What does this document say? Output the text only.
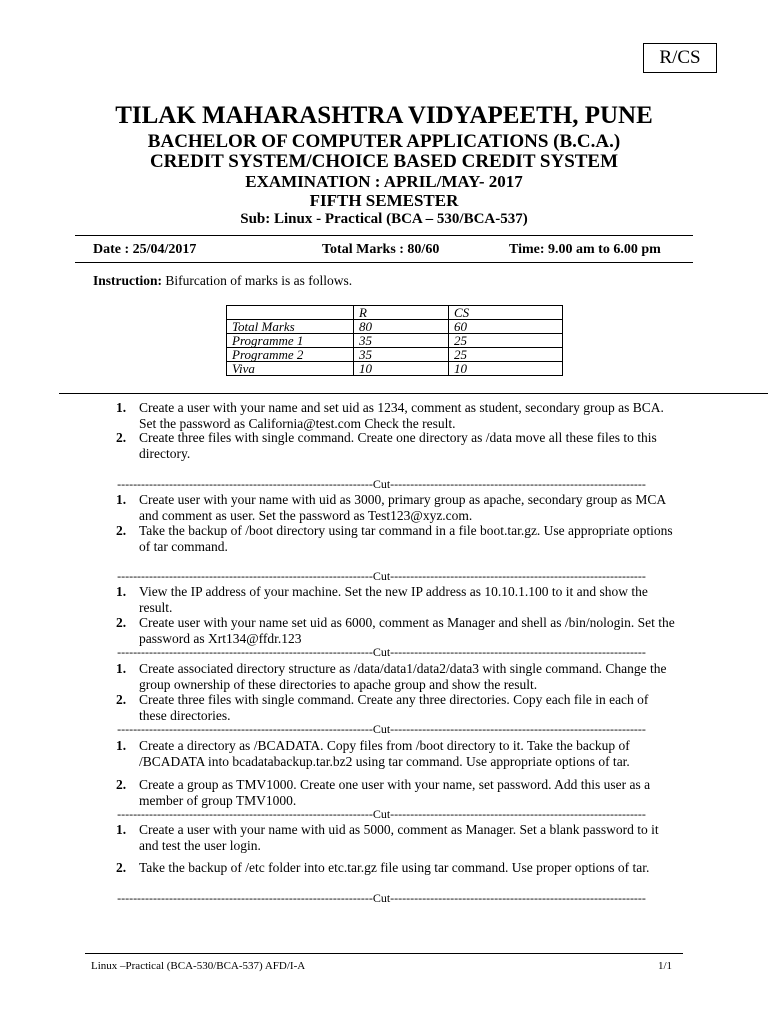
R/CS
TILAK MAHARASHTRA VIDYAPEETH, PUNE
BACHELOR OF COMPUTER APPLICATIONS (B.C.A.)
CREDIT SYSTEM/CHOICE BASED CREDIT SYSTEM
EXAMINATION : APRIL/MAY- 2017
FIFTH SEMESTER
Sub: Linux - Practical (BCA – 530/BCA-537)
Date : 25/04/2017	Total Marks : 80/60	Time: 9.00 am to 6.00 pm
Instruction: Bifurcation of marks is as follows.
	R	CS
Total Marks	80	60
Programme 1	35	25
Programme 2	35	25
Viva	10	10
1. Create a user with your name and set uid as 1234, comment as student, secondary group as BCA. Set the password as California@test.com Check the result.
2. Create three files with single command. Create one directory as /data move all these files to this directory.
----------------------------------------------------------------Cut----------------------------------------------------------------
1. Create user with your name with uid as 3000, primary group as apache, secondary group as MCA and comment as user. Set the password as Test123@xyz.com.
2. Take the backup of /boot directory using tar command in a file boot.tar.gz. Use appropriate options of tar command.
----------------------------------------------------------------Cut----------------------------------------------------------------
1. View the IP address of your machine. Set the new IP address as 10.10.1.100 to it and show the result.
2. Create user with your name set uid as 6000, comment as Manager and shell as /bin/nologin. Set the password as Xrt134@ffdr.123
----------------------------------------------------------------Cut----------------------------------------------------------------
1. Create associated directory structure as /data/data1/data2/data3 with single command. Change the group ownership of these directories to apache group and show the result.
2. Create three files with single command. Create any three directories. Copy each file in each of these directories.
----------------------------------------------------------------Cut----------------------------------------------------------------
1. Create a directory as /BCADATA. Copy files from /boot directory to it. Take the backup of /BCADATA into bcadatabackup.tar.bz2 using tar command. Use appropriate options of tar.
2. Create a group as TMV1000. Create one user with your name, set password. Add this user as a member of group TMV1000.
----------------------------------------------------------------Cut----------------------------------------------------------------
1. Create a user with your name with uid as 5000, comment as Manager. Set a blank password to it and test the user login.
2. Take the backup of /etc folder into etc.tar.gz file using tar command. Use proper options of tar.
----------------------------------------------------------------Cut----------------------------------------------------------------
Linux –Practical (BCA-530/BCA-537) AFD/I-A	1/1
